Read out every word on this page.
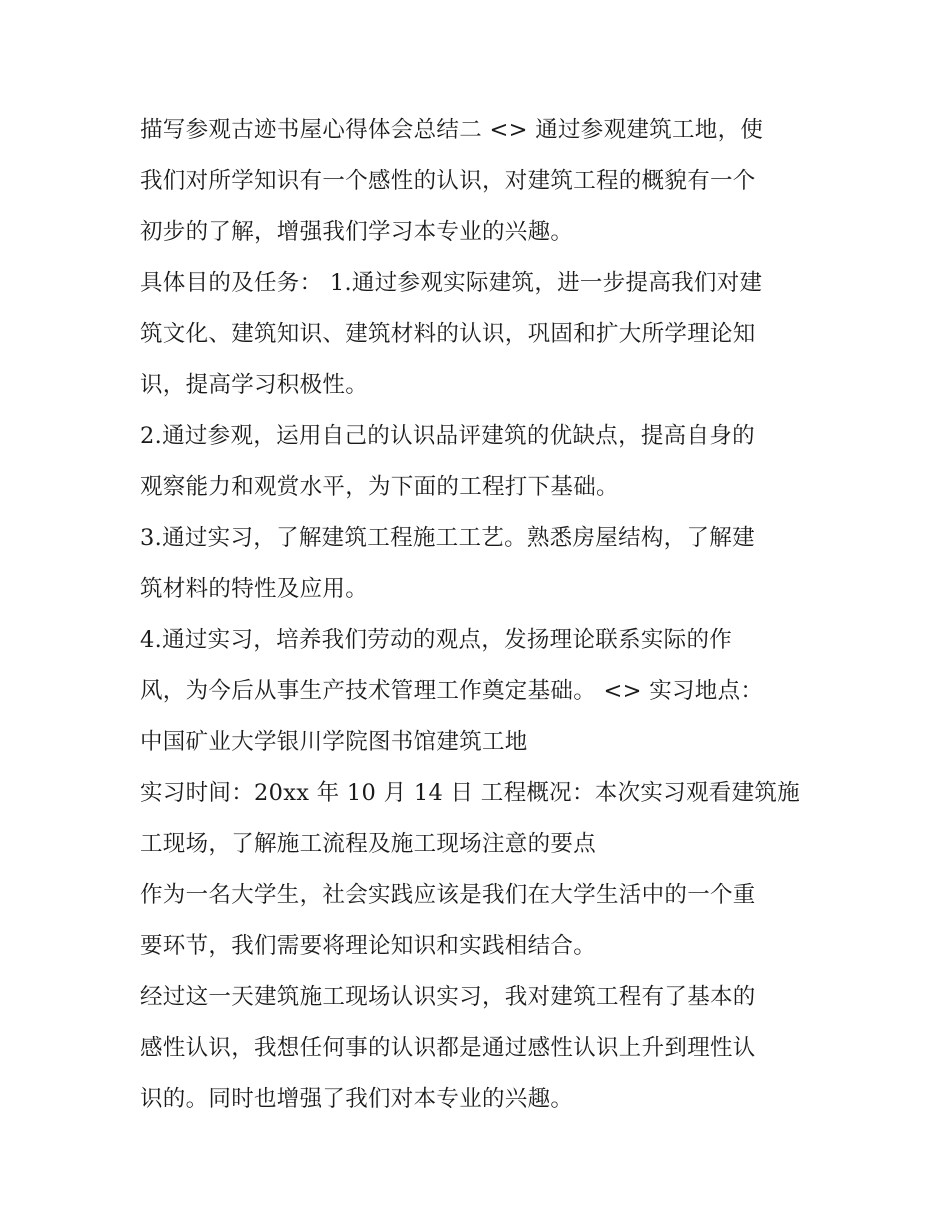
描写参观古迹书屋心得体会总结二 <> 通过参观建筑工地，使
我们对所学知识有一个感性的认识，对建筑工程的概貌有一个
初步的了解，增强我们学习本专业的兴趣。
具体目的及任务： 1.通过参观实际建筑，进一步提高我们对建
筑文化、建筑知识、建筑材料的认识，巩固和扩大所学理论知
识，提高学习积极性。
2.通过参观，运用自己的认识品评建筑的优缺点，提高自身的
观察能力和观赏水平，为下面的工程打下基础。
3.通过实习，了解建筑工程施工工艺。熟悉房屋结构，了解建
筑材料的特性及应用。
4.通过实习，培养我们劳动的观点，发扬理论联系实际的作
风，为今后从事生产技术管理工作奠定基础。 <> 实习地点：
中国矿业大学银川学院图书馆建筑工地
实习时间：20xx 年 10 月 14 日 工程概况：本次实习观看建筑施
工现场，了解施工流程及施工现场注意的要点
作为一名大学生，社会实践应该是我们在大学生活中的一个重
要环节，我们需要将理论知识和实践相结合。
经过这一天建筑施工现场认识实习，我对建筑工程有了基本的
感性认识，我想任何事的认识都是通过感性认识上升到理性认
识的。同时也增强了我们对本专业的兴趣。
